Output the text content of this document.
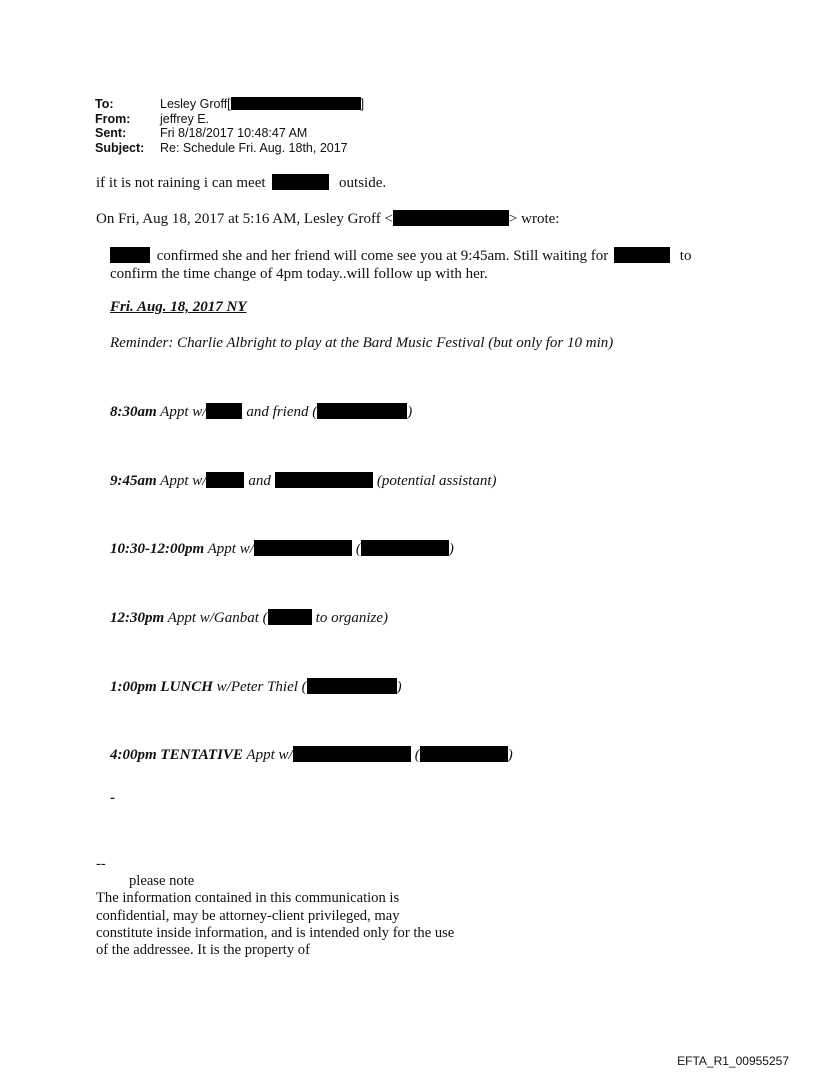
To:	Lesley Groff[	]
From:	jeffrey E.
Sent:	Fri 8/18/2017 10:48:47 AM
Subject:	Re: Schedule Fri. Aug. 18th, 2017
if it is not raining i can meet	outside.
On Fri, Aug 18, 2017 at 5:16 AM, Lesley Groff <	> wrote:
confirmed she and her friend will come see you at 9:45am. Still waiting for	to
confirm the time change of 4pm today..will follow up with her.
Fri. Aug. 18, 2017 NY
Reminder: Charlie Albright to play at the Bard Music Festival (but only for 10 min)
8:30am Appt w/	and friend (	)
9:45am Appt w/	and	(potential assistant)
10:30-12:00pm Appt w/	(	)
12:30pm Appt w/Ganbat (	to organize)
1:00pm LUNCH w/Peter Thiel (	)
4:00pm TENTATIVE Appt w/	(	)
-
--
please note
The information contained in this communication is confidential, may be attorney-client privileged, may constitute inside information, and is intended only for the use of the addressee. It is the property of
EFTA_R1_00955257
